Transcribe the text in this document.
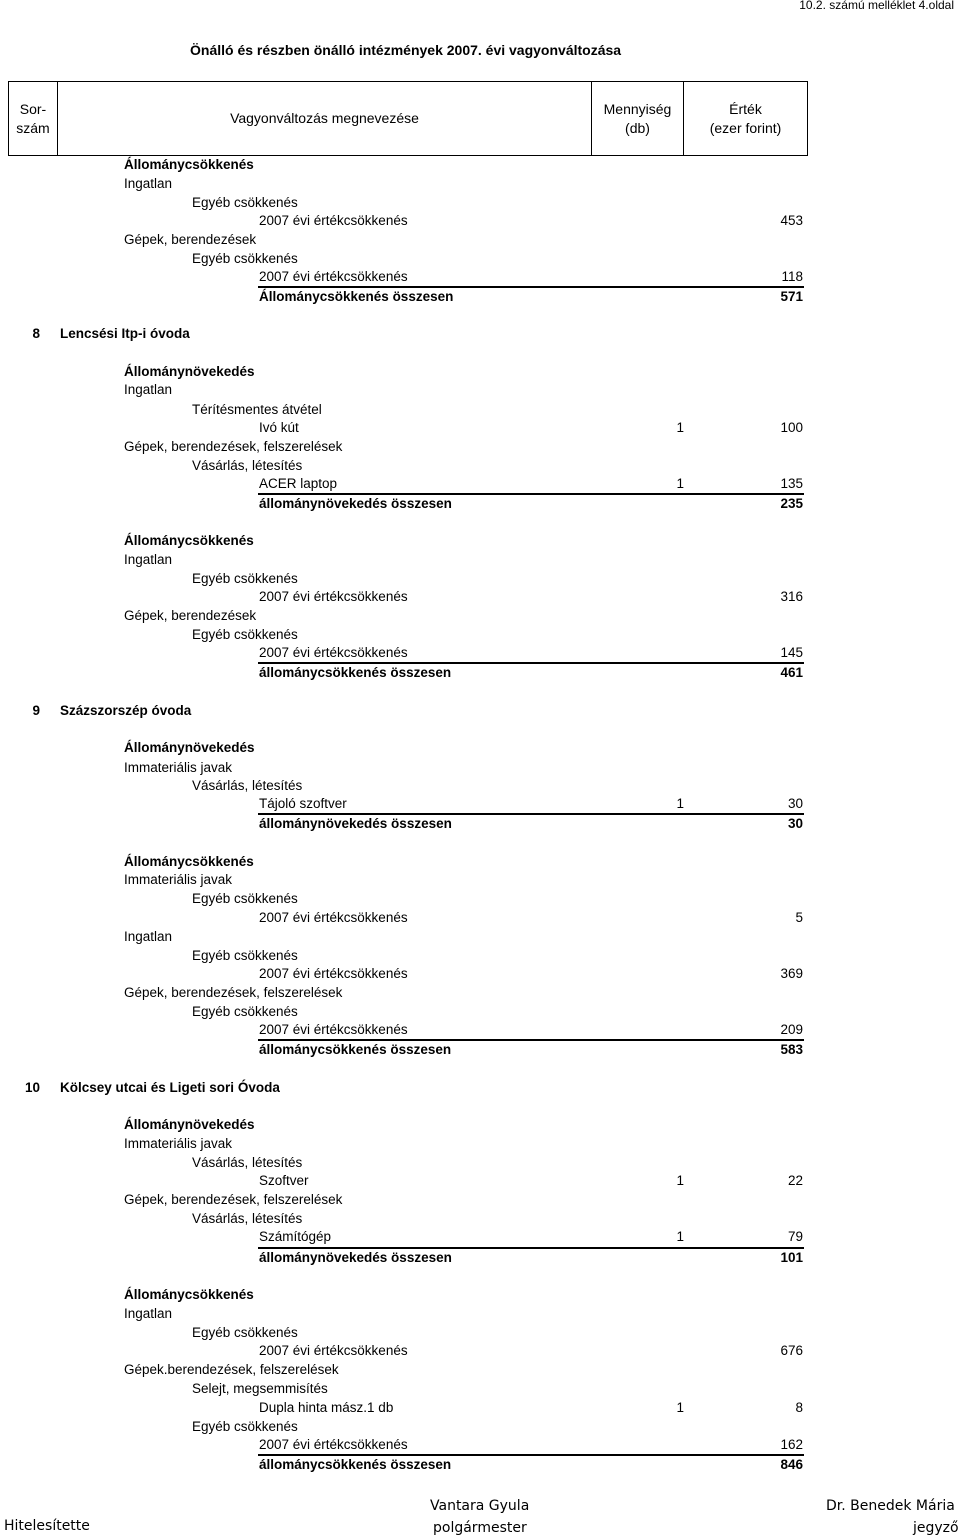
10.2. számú melléklet 4.oldal
Önálló és részben önálló intézmények 2007. évi vagyonváltozása
Sor-
szám
Vagyonváltozás megnevezése
Mennyiség
(db)
Érték
(ezer forint)
Állománycsökkenés
Ingatlan
Egyéb csökkenés
2007 évi értékcsökkenés	453
Gépek, berendezések
Egyéb csökkenés
2007 évi értékcsökkenés	118
Állománycsökkenés összesen	571
8 Lencsési Itp-i óvoda
Állománynövekedés
Ingatlan
Térítésmentes átvétel
Ivó kút	1	100
Gépek, berendezések, felszerelések
Vásárlás, létesítés
ACER laptop	1	135
állománynövekedés összesen	235
Állománycsökkenés
Ingatlan
Egyéb csökkenés
2007 évi értékcsökkenés	316
Gépek, berendezések
Egyéb csökkenés
2007 évi értékcsökkenés	145
állománycsökkenés összesen	461
9 Százszorszép óvoda
Állománynövekedés
Immateriális javak
Vásárlás, létesítés
Tájoló szoftver	1	30
állománynövekedés összesen	30
Állománycsökkenés
Immateriális javak
Egyéb csökkenés
2007 évi értékcsökkenés	5
Ingatlan
Egyéb csökkenés
2007 évi értékcsökkenés	369
Gépek, berendezések, felszerelések
Egyéb csökkenés
2007 évi értékcsökkenés	209
állománycsökkenés összesen	583
10 Kölcsey utcai és Ligeti sori Óvoda
Állománynövekedés
Immateriális javak
Vásárlás, létesítés
Szoftver	1	22
Gépek, berendezések, felszerelések
Vásárlás, létesítés
Számítógép	1	79
állománynövekedés összesen	101
Állománycsökkenés
Ingatlan
Egyéb csökkenés
2007 évi értékcsökkenés	676
Gépek.berendezések, felszerelések
Selejt, megsemmisítés
Dupla hinta mász.1 db	1	8
Egyéb csökkenés
2007 évi értékcsökkenés	162
állománycsökkenés összesen	846
Hitelesítette
Vantara Gyula
polgármester
Dr. Benedek Mária
jegyző
